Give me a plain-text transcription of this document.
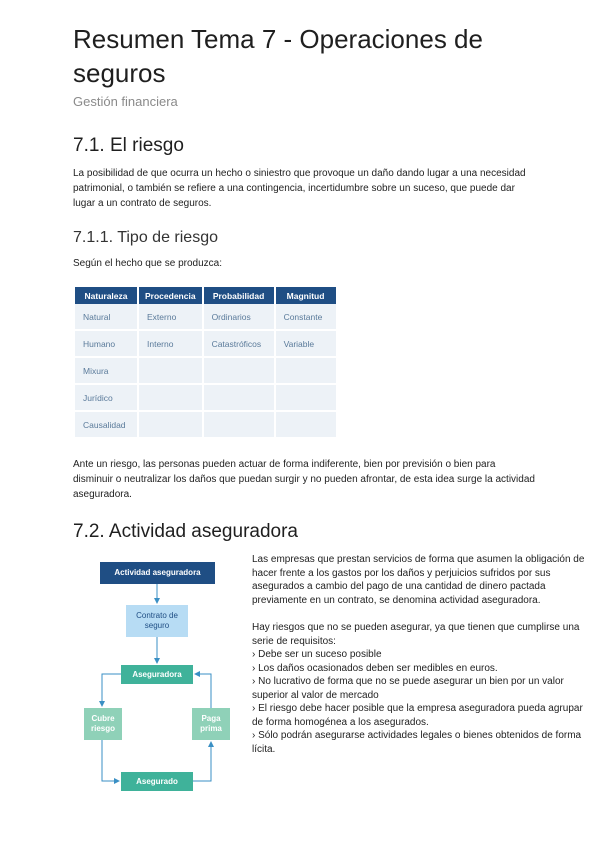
Resumen Tema 7 - Operaciones de seguros
Gestión financiera
7.1. El riesgo

La posibilidad de que ocurra un hecho o siniestro que provoque un daño dando lugar a una necesidad patrimonial, o también se refiere a una contingencia, incertidumbre sobre un suceso, que puede dar lugar a un contrato de seguros.

7.1.1. Tipo de riesgo

Según el hecho que se produzca:

Naturaleza	Procedencia	Probabilidad	Magnitud
Natural	Externo	Ordinarios	Constante
Humano	Interno	Catastróficos	Variable
Mixura			
Jurídico			
Causalidad			

Ante un riesgo, las personas pueden actuar de forma indiferente, bien por previsión o bien para disminuir o neutralizar los daños que puedan surgir y no pueden afrontar, de esta idea surge la actividad aseguradora.

7.2. Actividad aseguradora
Actividad aseguradora
Contrato de seguro
Aseguradora
Cubre riesgo
Paga prima
Asegurado

Las empresas que prestan servicios de forma que asumen la obligación de hacer frente a los gastos por los daños y perjuicios sufridos por sus asegurados a cambio del pago de una cantidad de dinero pactada previamente en un contrato, se denomina actividad aseguradora.

Hay riesgos que no se pueden asegurar, ya que tienen que cumplirse una serie de requisitos:

› Debe ser un suceso posible

› Los daños ocasionados deben ser medibles en euros.

› No lucrativo de forma que no se puede asegurar un bien por un valor superior al valor de mercado

› El riesgo debe hacer posible que la empresa aseguradora pueda agrupar de forma homogénea a los asegurados.

› Sólo podrán asegurarse actividades legales o bienes obtenidos de forma lícita.
